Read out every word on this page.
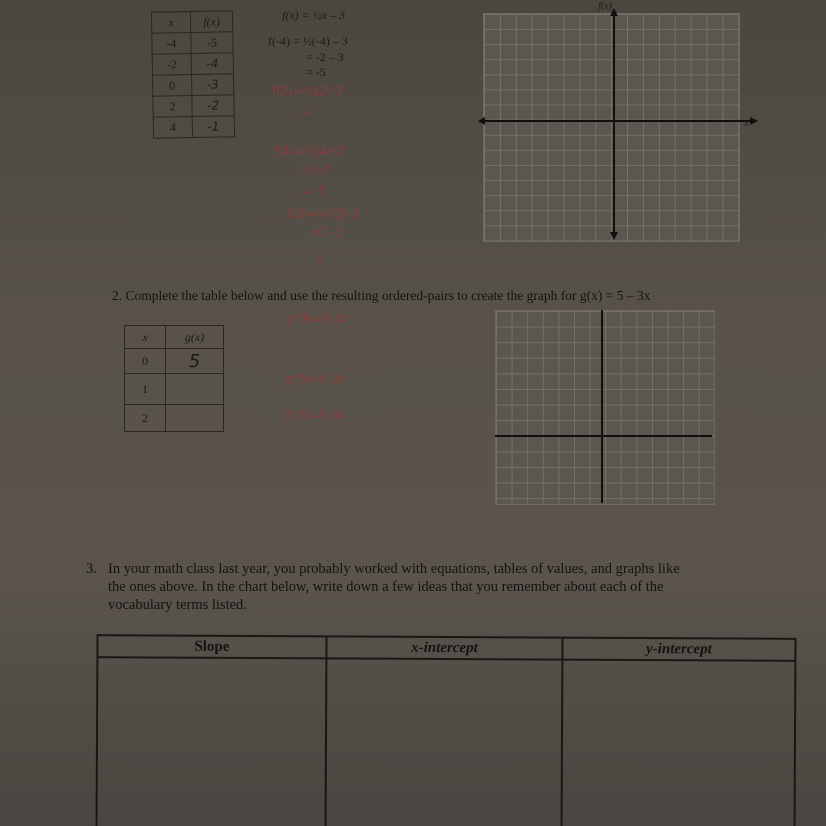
x	f(x)
-4	-5
-2	-4
0	-3
2	-2
4	-1
f(x) = ½x – 3
f(-4) = ½(-4) – 3
= -2 – 3
= -5
f(2)=½(2)-3
=
f(4)=½(4)-3
=2-3
= -1
f(2)=½(2)-3
=1 -3
=
f(x)
x
2. Complete the table below and use the resulting ordered-pairs to create the graph for g(x) = 5 – 3x
x	g(x)
0	5
1	
2	
g(0)=5-3x
g(1)=5-3x
g(2)=5-3x
3. In your math class last year, you probably worked with equations, tables of values, and graphs like
the ones above. In the chart below, write down a few ideas that you remember about each of the
vocabulary terms listed.
Slope	x-intercept	y-intercept
